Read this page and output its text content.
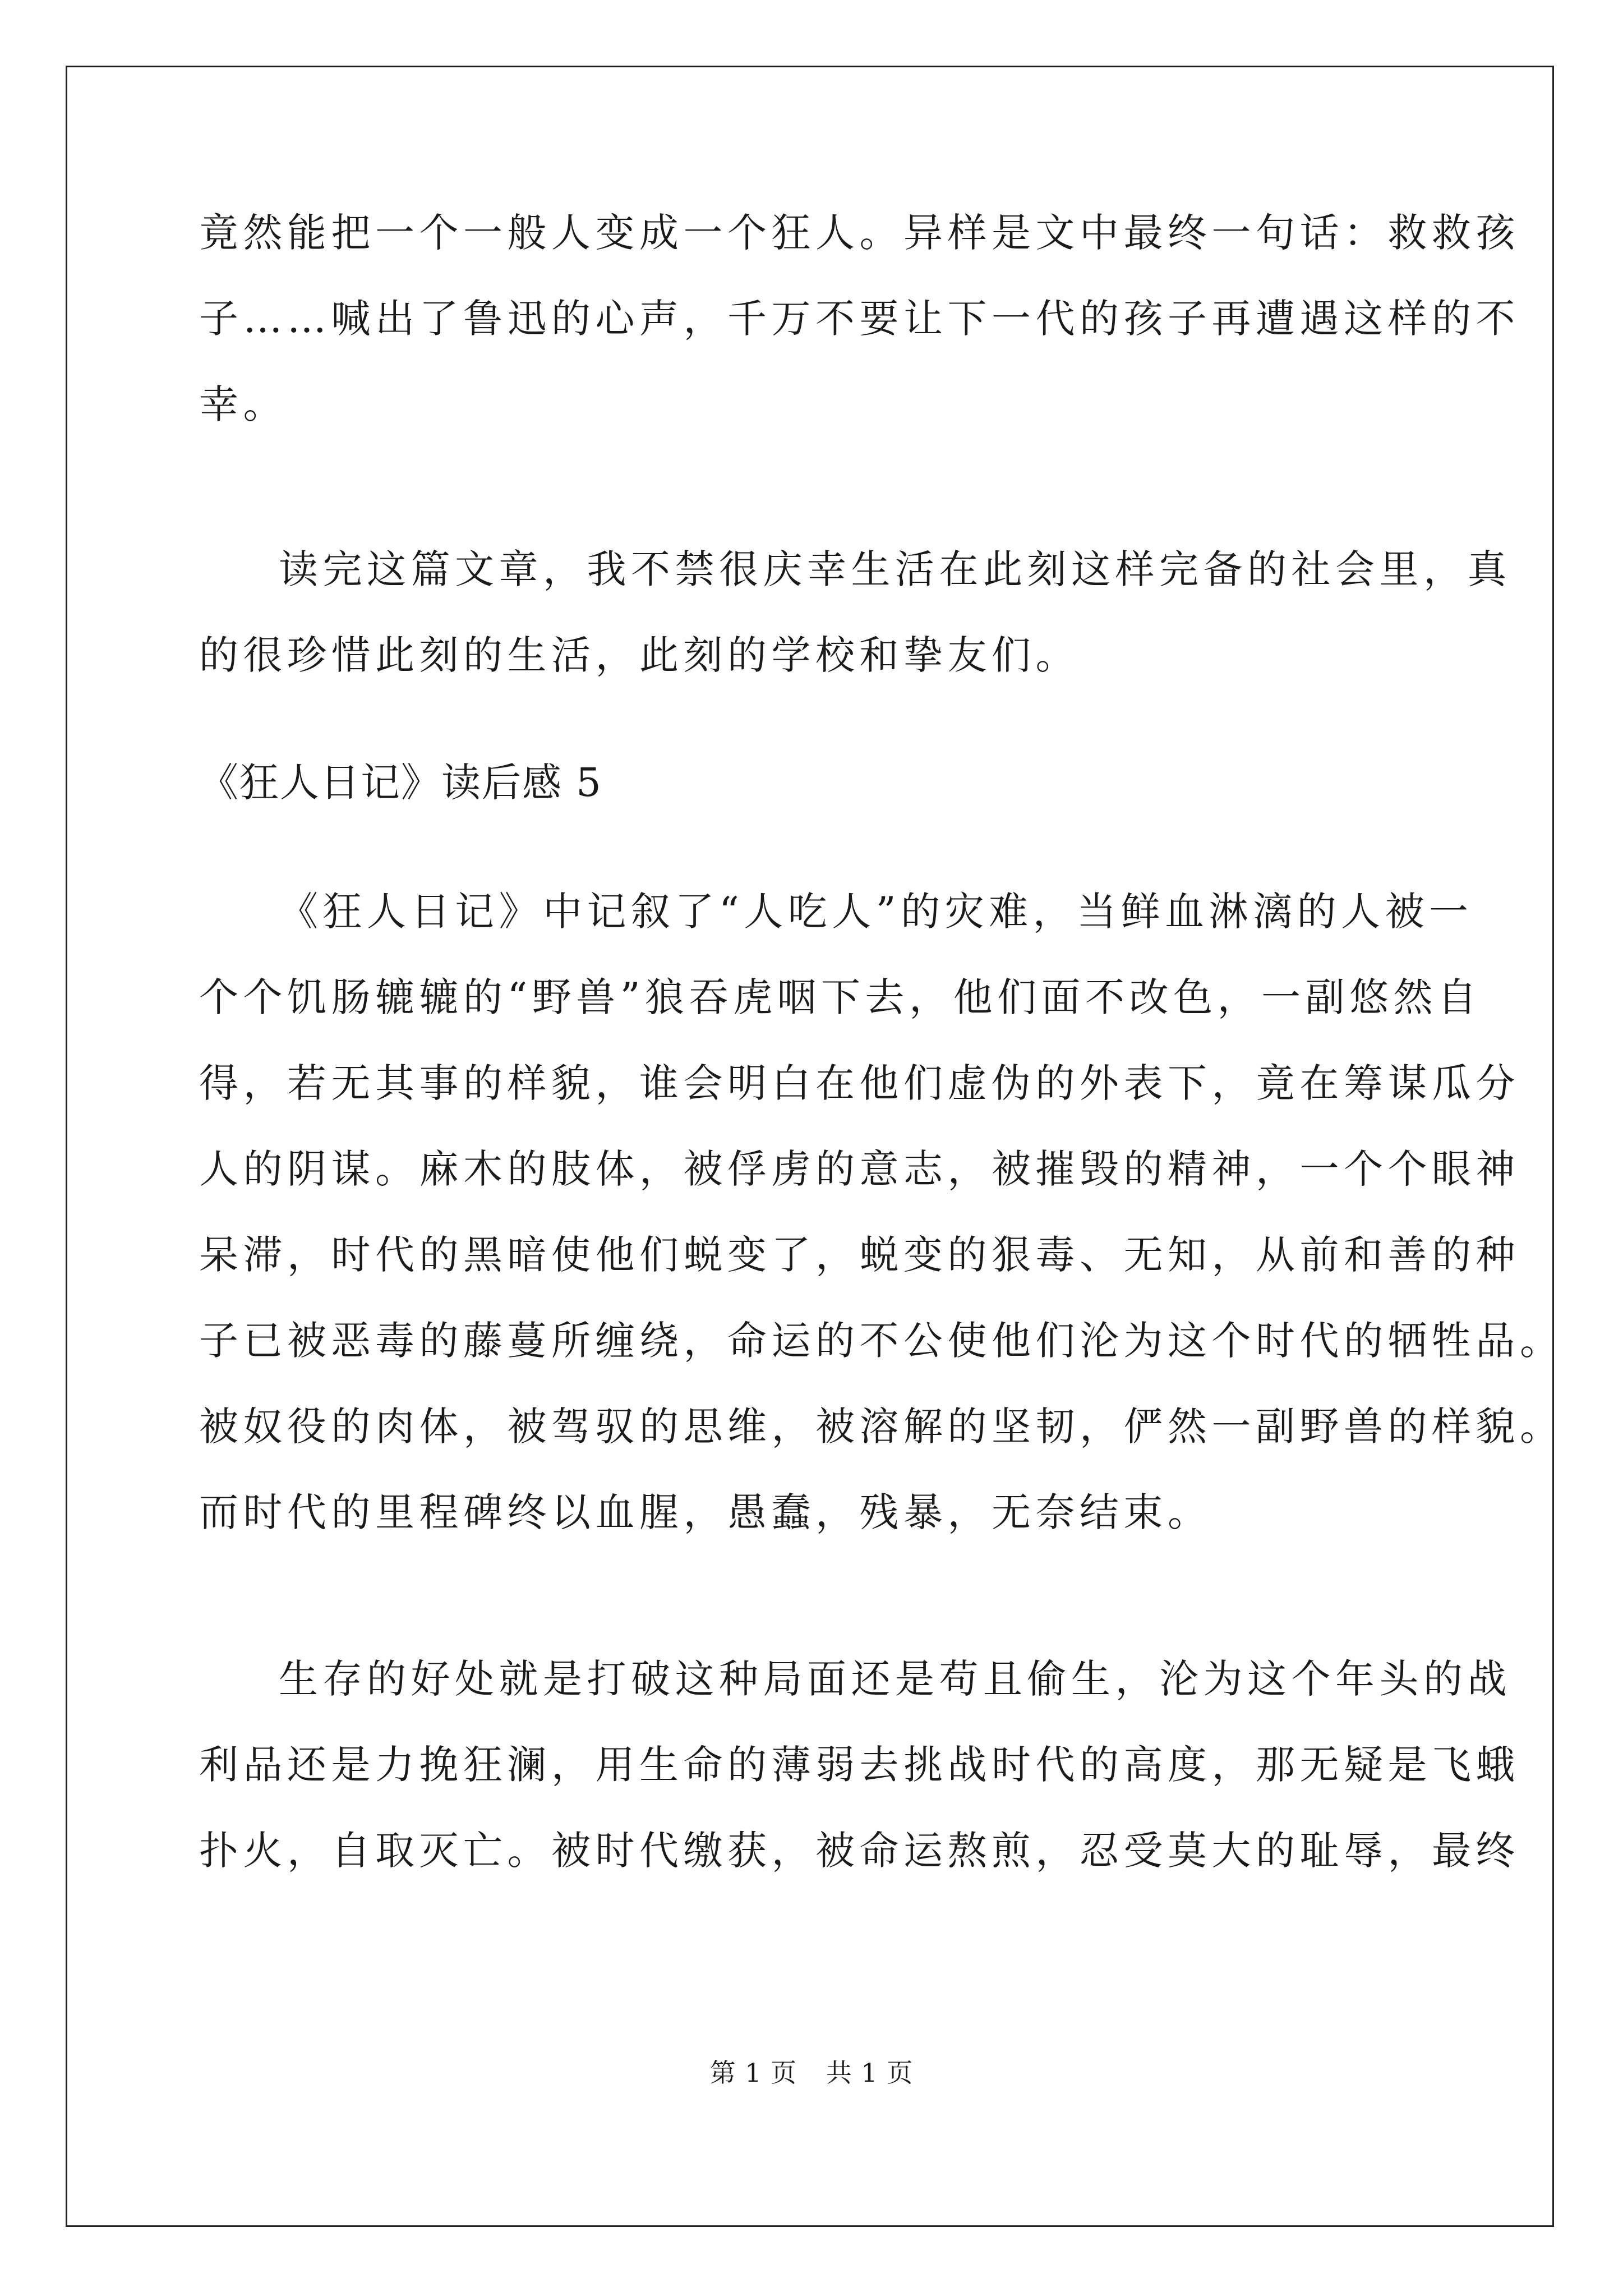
竟然能把一个一般人变成一个狂人。异样是文中最终一句话：救救孩

子……喊出了鲁迅的心声，千万不要让下一代的孩子再遭遇这样的不

幸。

读完这篇文章，我不禁很庆幸生活在此刻这样完备的社会里，真

的很珍惜此刻的生活，此刻的学校和挚友们。

《狂人日记》读后感 5

《狂人日记》中记叙了“人吃人”的灾难，当鲜血淋漓的人被一

个个饥肠辘辘的“野兽”狼吞虎咽下去，他们面不改色，一副悠然自

得，若无其事的样貌，谁会明白在他们虚伪的外表下，竟在筹谋瓜分

人的阴谋。麻木的肢体，被俘虏的意志，被摧毁的精神，一个个眼神

呆滞，时代的黑暗使他们蜕变了，蜕变的狠毒、无知，从前和善的种

子已被恶毒的藤蔓所缠绕，命运的不公使他们沦为这个时代的牺牲品。

被奴役的肉体，被驾驭的思维，被溶解的坚韧，俨然一副野兽的样貌。

而时代的里程碑终以血腥，愚蠢，残暴，无奈结束。

生存的好处就是打破这种局面还是苟且偷生，沦为这个年头的战

利品还是力挽狂澜，用生命的薄弱去挑战时代的高度，那无疑是飞蛾

扑火，自取灭亡。被时代缴获，被命运熬煎，忍受莫大的耻辱，最终

第 1 页 共 1 页
